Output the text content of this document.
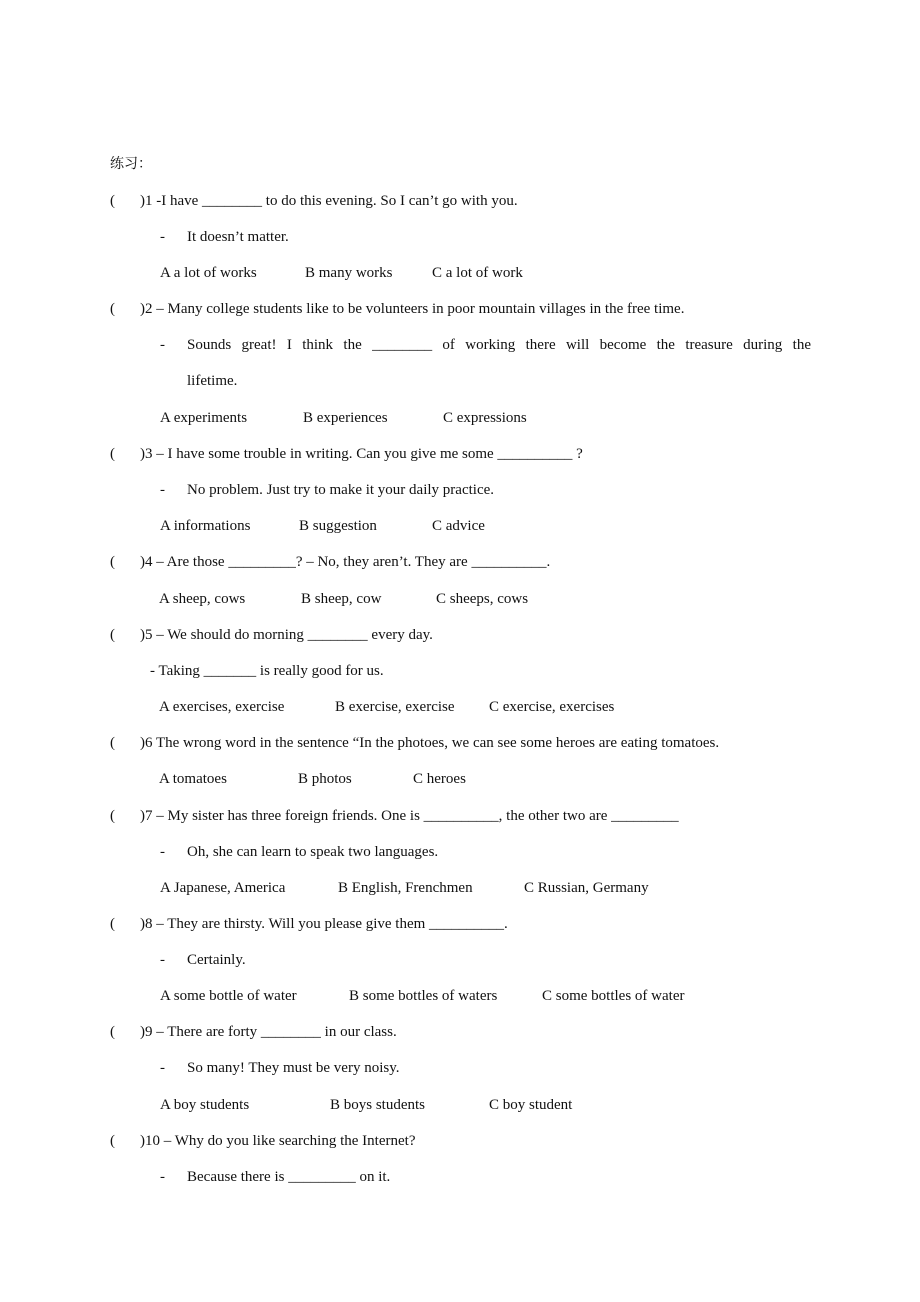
练习：
( )1 -I have ________ to do this evening. So I can’t go with you.
- It doesn’t matter.
A a lot of works	B many works	C a lot of work
( )2 – Many college students like to be volunteers in poor mountain villages in the free time.
- Sounds great! I think the ________ of working there will become the treasure during the
lifetime.
A experiments	B experiences	C expressions
( )3 – I have some trouble in writing. Can you give me some __________ ?
- No problem. Just try to make it your daily practice.
A informations	B suggestion	C advice
( )4 – Are those _________? – No, they aren’t. They are __________.
A sheep, cows	B sheep, cow	C sheeps, cows
( )5 – We should do morning ________ every day.
- Taking _______ is really good for us.
A exercises, exercise	B exercise, exercise C exercise, exercises
( )6 The wrong word in the sentence “In the photoes, we can see some heroes are eating tomatoes.
A tomatoes	B photos	C heroes
( )7 – My sister has three foreign friends. One is __________, the other two are _________
- Oh, she can learn to speak two languages.
A Japanese, America	B English, Frenchmen	C Russian, Germany
( )8 – They are thirsty. Will you please give them __________.
- Certainly.
A some bottle of water	B some bottles of waters	C some bottles of water
( )9 – There are forty ________ in our class.
- So many! They must be very noisy.
A boy students	B boys students	C boy student
( )10 – Why do you like searching the Internet?
- Because there is _________ on it.
